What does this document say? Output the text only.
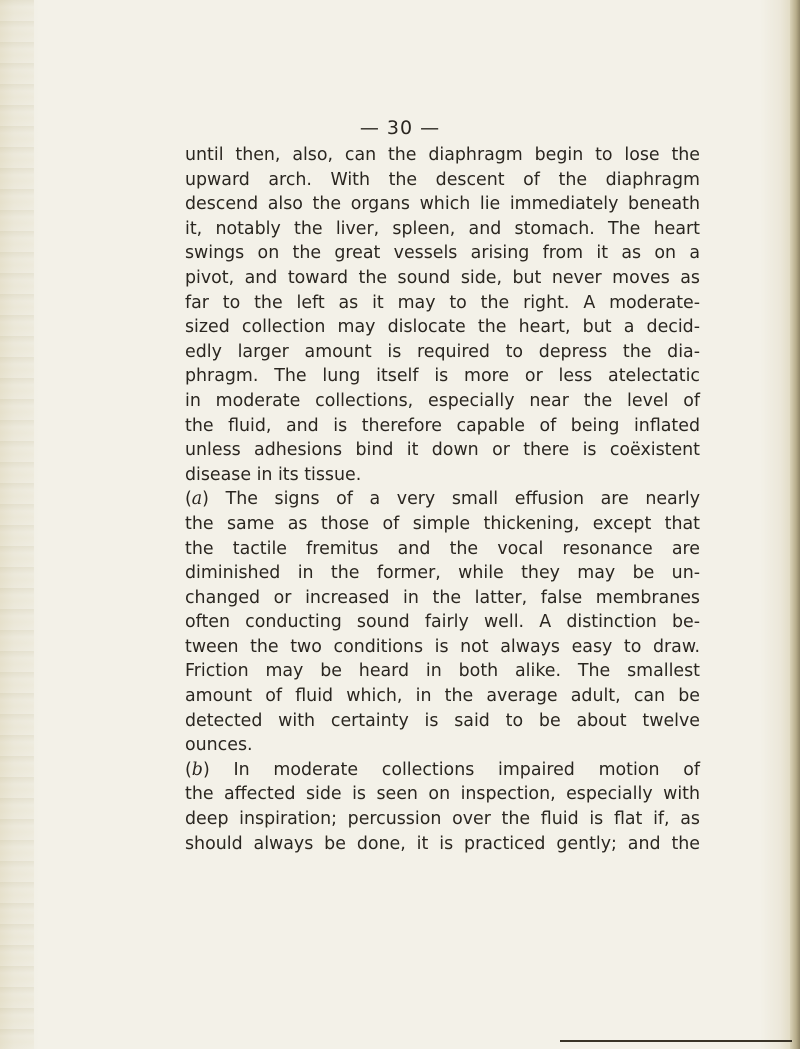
— 30 —
until then, also, can the diaphragm begin to lose the
upward arch. With the descent of the diaphragm
descend also the organs which lie immediately beneath
it, notably the liver, spleen, and stomach. The heart
swings on the great vessels arising from it as on a
pivot, and toward the sound side, but never moves as
far to the left as it may to the right. A moderate-
sized collection may dislocate the heart, but a decid-
edly larger amount is required to depress the dia-
phragm. The lung itself is more or less atelectatic
in moderate collections, especially near the level of
the fluid, and is therefore capable of being inflated
unless adhesions bind it down or there is coëxistent
disease in its tissue.
(a) The signs of a very small effusion are nearly
the same as those of simple thickening, except that
the tactile fremitus and the vocal resonance are
diminished in the former, while they may be un-
changed or increased in the latter, false membranes
often conducting sound fairly well. A distinction be-
tween the two conditions is not always easy to draw.
Friction may be heard in both alike. The smallest
amount of fluid which, in the average adult, can be
detected with certainty is said to be about twelve
ounces.
(b) In moderate collections impaired motion of
the affected side is seen on inspection, especially with
deep inspiration; percussion over the fluid is flat if, as
should always be done, it is practiced gently; and the
